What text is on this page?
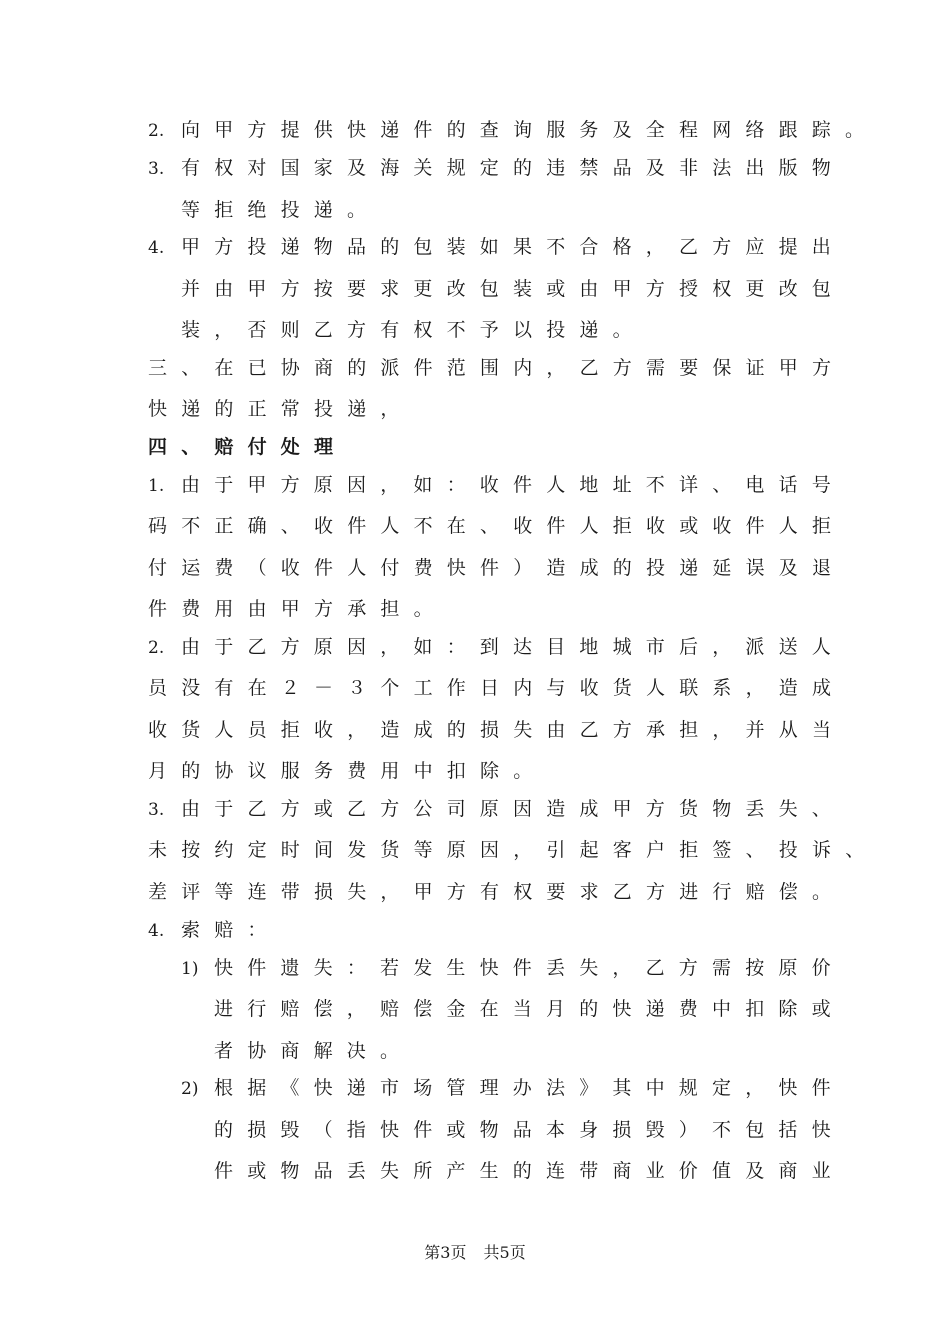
2. 向甲方提供快递件的查询服务及全程网络跟踪。
3. 有权对国家及海关规定的违禁品及非法出版物
等拒绝投递。
4. 甲方投递物品的包装如果不合格，乙方应提出
并由甲方按要求更改包装或由甲方授权更改包
装，否则乙方有权不予以投递。
三、在已协商的派件范围内，乙方需要保证甲方
快递的正常投递，
四、赔付处理
1. 由于甲方原因，如：收件人地址不详、电话号
码不正确、收件人不在、收件人拒收或收件人拒
付运费（收件人付费快件）造成的投递延误及退
件费用由甲方承担。
2. 由于乙方原因，如：到达目地城市后，派送人
员没有在２－３个工作日内与收货人联系，造成
收货人员拒收，造成的损失由乙方承担，并从当
月的协议服务费用中扣除。
3. 由于乙方或乙方公司原因造成甲方货物丢失、
未按约定时间发货等原因，引起客户拒签、投诉、
差评等连带损失，甲方有权要求乙方进行赔偿。
4. 索赔：
1) 快件遗失：若发生快件丢失，乙方需按原价
进行赔偿，赔偿金在当月的快递费中扣除或
者协商解决。
2) 根据《快递市场管理办法》其中规定，快件
的损毁（指快件或物品本身损毁）不包括快
件或物品丢失所产生的连带商业价值及商业
第3页 共5页
